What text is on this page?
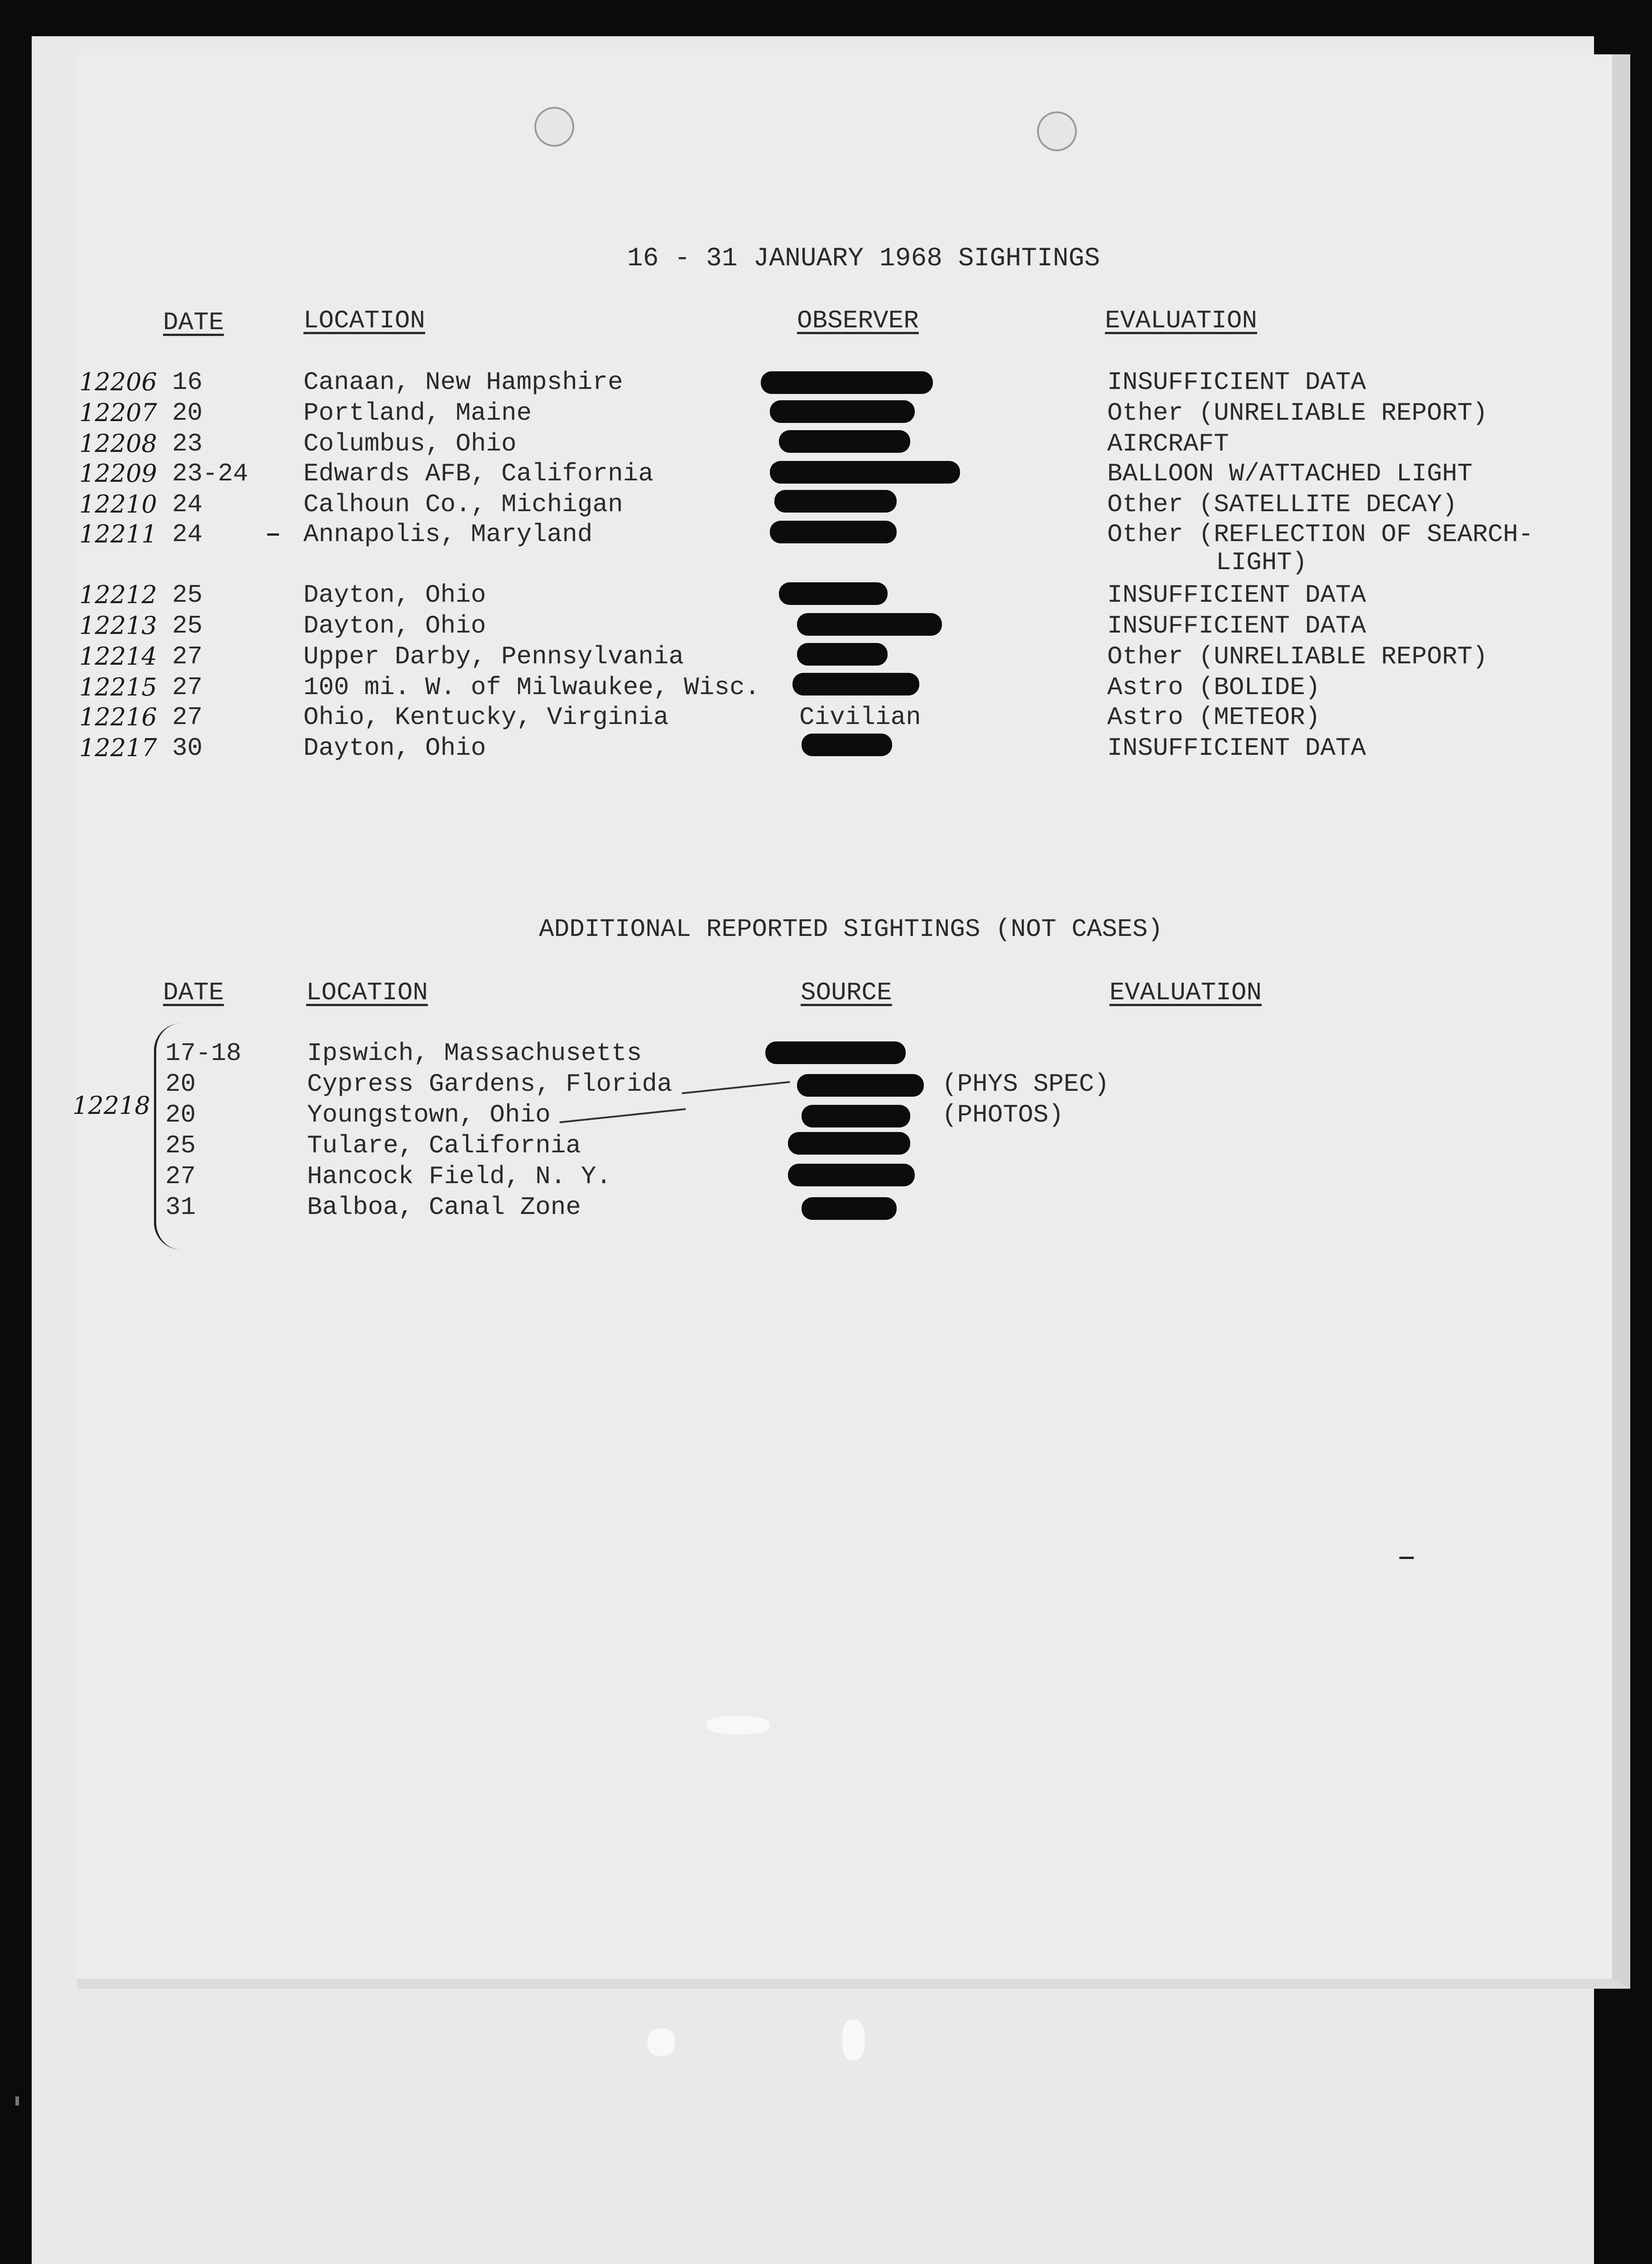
16 - 31 JANUARY 1968 SIGHTINGS
DATE	LOCATION	OBSERVER	EVALUATION
12206 16	Canaan, New Hampshire	INSUFFICIENT DATA
12207 20	Portland, Maine	Other (UNRELIABLE REPORT)
12208 23	Columbus, Ohio	AIRCRAFT
12209 23-24 Edwards AFB, California	BALLOON W/ATTACHED LIGHT
12210 24	Calhoun Co., Michigan	Other (SATELLITE DECAY)
12211 24	Annapolis, Maryland	Other (REFLECTION OF SEARCH-
LIGHT)
12212 25	Dayton, Ohio	INSUFFICIENT DATA
12213 25	Dayton, Ohio	INSUFFICIENT DATA
12214 27	Upper Darby, Pennsylvania	Other (UNRELIABLE REPORT)
12215 27	100 mi. W. of Milwaukee, Wisc.	Astro (BOLIDE)
12216 27	Ohio, Kentucky, Virginia	Civilian	Astro (METEOR)
12217 30	Dayton, Ohio	INSUFFICIENT DATA
ADDITIONAL REPORTED SIGHTINGS (NOT CASES)
DATE	LOCATION	SOURCE	EVALUATION
12218
17-18	Ipswich, Massachusetts
20	Cypress Gardens, Florida	(PHYS SPEC)
20	Youngstown, Ohio	(PHOTOS)
25	Tulare, California
27	Hancock Field, N. Y.
31	Balboa, Canal Zone
